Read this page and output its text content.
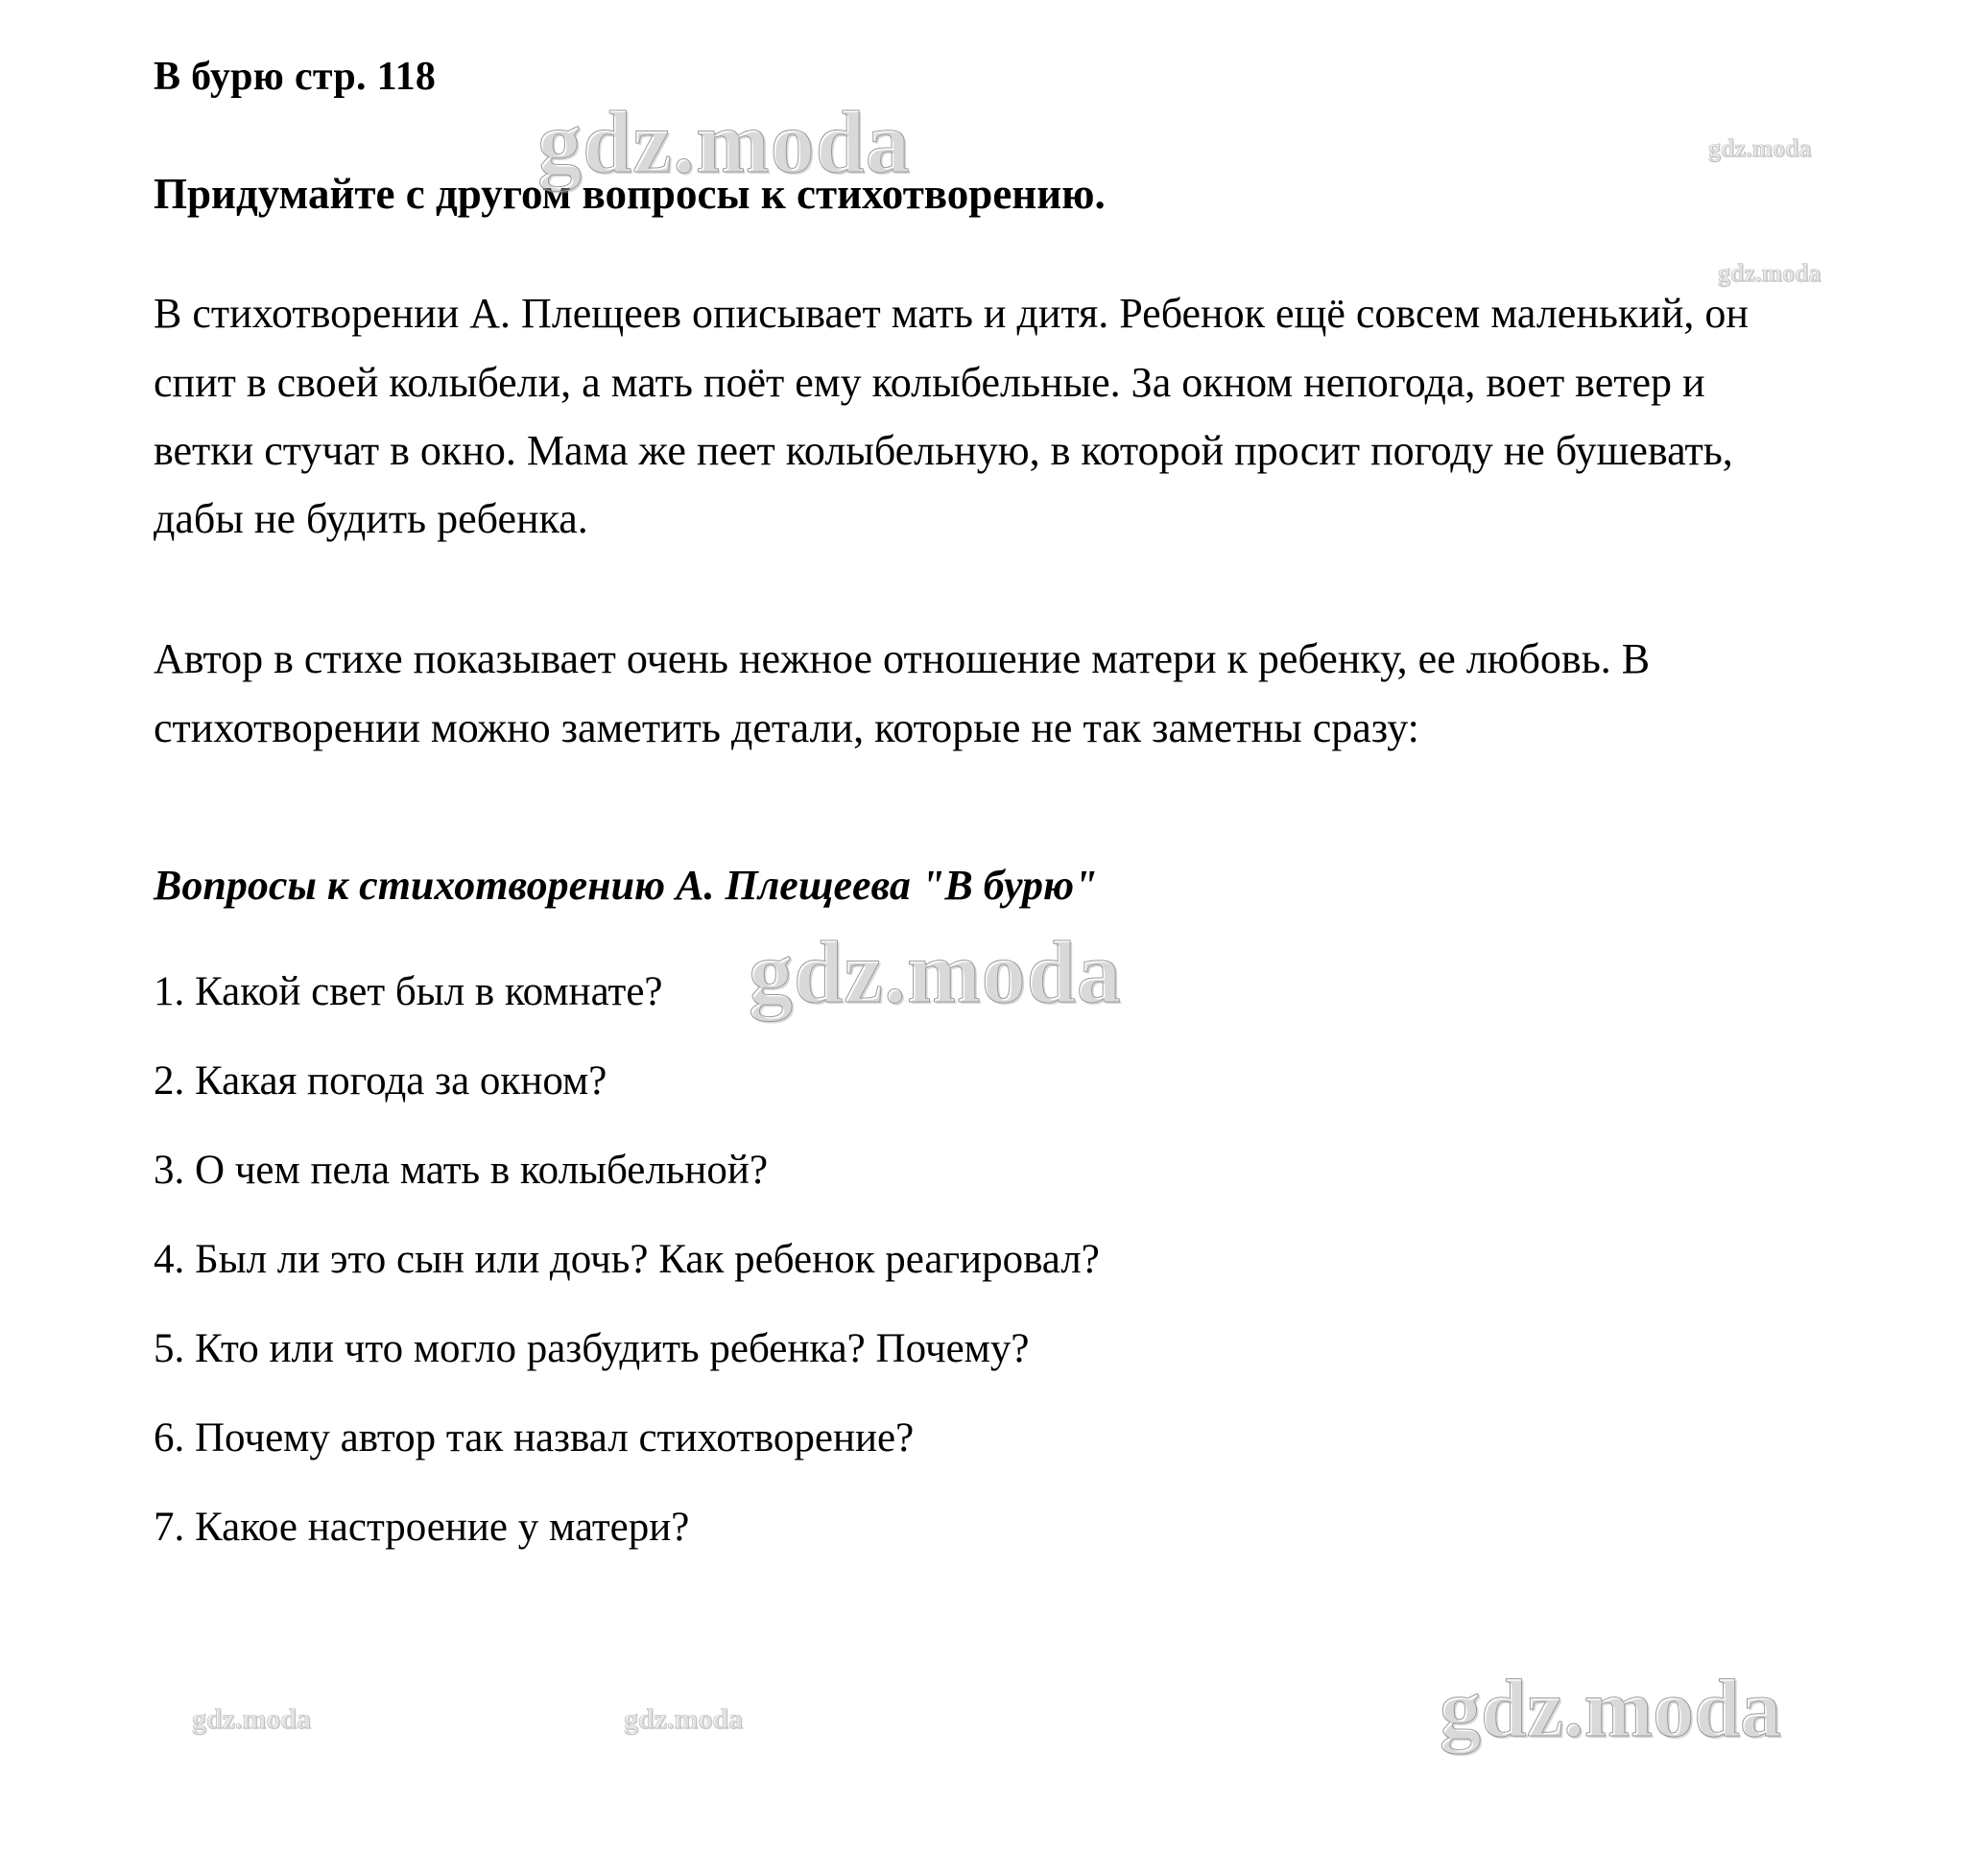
В бурю стр. 118
Придумайте с другом вопросы к стихотворению.
В стихотворении А. Плещеев описывает мать и дитя. Ребенок ещё совсем маленький, он спит в своей колыбели, а мать поёт ему колыбельные. За окном непогода, воет ветер и ветки стучат в окно. Мама же пеет колыбельную, в которой просит погоду не бушевать, дабы не будить ребенка.
Автор в стихе показывает очень нежное отношение матери к ребенку, ее любовь. В стихотворении можно заметить детали, которые не так заметны сразу:
Вопросы к стихотворению А. Плещеева "В бурю"
1. Какой свет был в комнате?
2. Какая погода за окном?
3. О чем пела мать в колыбельной?
4. Был ли это сын или дочь? Как ребенок реагировал?
5. Кто или что могло разбудить ребенка? Почему?
6. Почему автор так назвал стихотворение?
7. Какое настроение у матери?
gdz.moda
gdz.moda
gdz.moda
gdz.moda
gdz.moda
gdz.moda	gdz.moda
